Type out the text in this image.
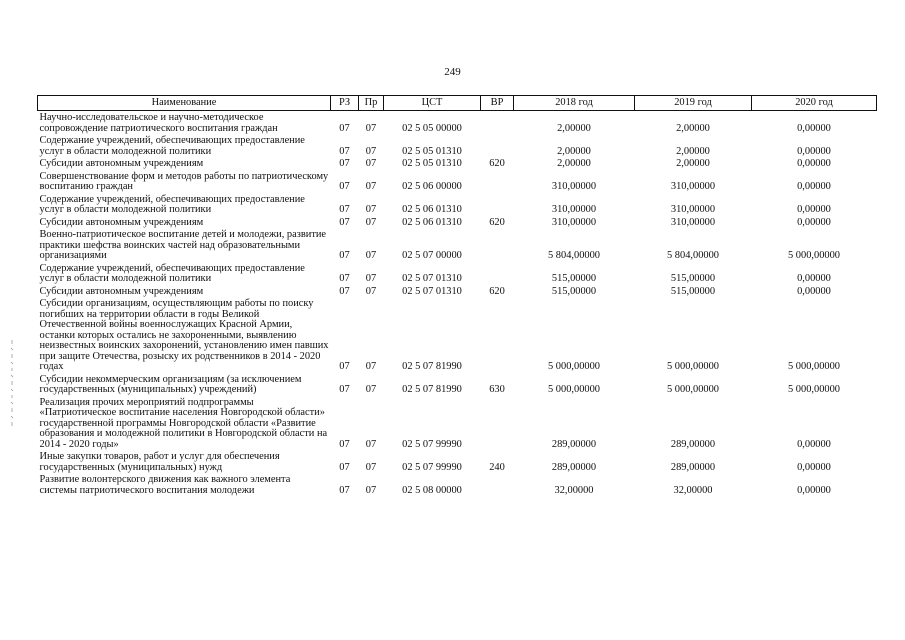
249
Наименование	РЗ	Пр	ЦСТ	ВР	2018 год	2019 год	2020 год
Научно-исследовательское и научно-методическое сопровождение патриотического воспитания граждан	07	07	02 5 05 00000		2,00000	2,00000	0,00000
Содержание учреждений, обеспечивающих предоставление услуг в области молодежной политики	07	07	02 5 05 01310		2,00000	2,00000	0,00000
Субсидии автономным учреждениям	07	07	02 5 05 01310	620	2,00000	2,00000	0,00000
Совершенствование форм и методов работы по патриотическому воспитанию граждан	07	07	02 5 06 00000		310,00000	310,00000	0,00000
Содержание учреждений, обеспечивающих предоставление услуг в области молодежной политики	07	07	02 5 06 01310		310,00000	310,00000	0,00000
Субсидии автономным учреждениям	07	07	02 5 06 01310	620	310,00000	310,00000	0,00000
Военно-патриотическое воспитание детей и молодежи, развитие практики шефства воинских частей над образовательными организациями	07	07	02 5 07 00000		5 804,00000	5 804,00000	5 000,00000
Содержание учреждений, обеспечивающих предоставление услуг в области молодежной политики	07	07	02 5 07 01310		515,00000	515,00000	0,00000
Субсидии автономным учреждениям	07	07	02 5 07 01310	620	515,00000	515,00000	0,00000
Субсидии организациям, осуществляющим работы по поиску погибших на территории области в годы Великой Отечественной войны военнослужащих Красной Армии, останки которых остались не захороненными, выявлению неизвестных воинских захоронений, установлению имен павших при защите Отечества, розыску их родственников в 2014 - 2020 годах	07	07	02 5 07 81990		5 000,00000	5 000,00000	5 000,00000
Субсидии некоммерческим организациям (за исключением государственных (муниципальных) учреждений)	07	07	02 5 07 81990	630	5 000,00000	5 000,00000	5 000,00000
Реализация прочих мероприятий подпрограммы «Патриотическое воспитание населения Новгородской области» государственной программы Новгородской области «Развитие образования и молодежной политики в Новгородской области на 2014 - 2020 годы»	07	07	02 5 07 99990		289,00000	289,00000	0,00000
Иные закупки товаров, работ и услуг для обеспечения государственных (муниципальных) нужд	07	07	02 5 07 99990	240	289,00000	289,00000	0,00000
Развитие волонтерского движения как важного элемента системы патриотического воспитания молодежи	07	07	02 5 08 00000		32,00000	32,00000	0,00000
